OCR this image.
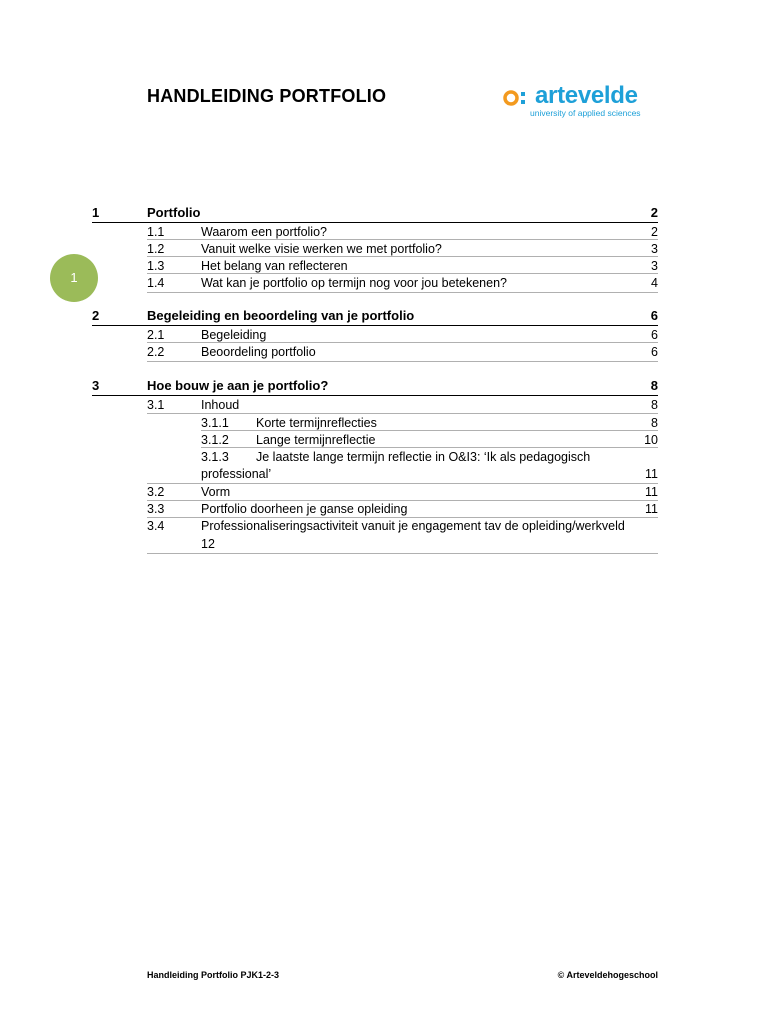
HANDLEIDING PORTFOLIO	artevelde
university of applied sciences
1
1	Portfolio	2
1.1	Waarom een portfolio?	2
1.2	Vanuit welke visie werken we met portfolio?	3
1.3	Het belang van reflecteren	3
1.4	Wat kan je portfolio op termijn nog voor jou betekenen?	4
2	Begeleiding en beoordeling van je portfolio	6
2.1	Begeleiding	6
2.2	Beoordeling portfolio	6
3	Hoe bouw je aan je portfolio?	8
3.1	Inhoud	8
3.1.1 Korte termijnreflecties	8
3.1.2 Lange termijnreflectie	10
3.1.3 Je laatste lange termijn reflectie in O&I3: ‘Ik als pedagogisch
professional’	11
3.2	Vorm	11
3.3	Portfolio doorheen je ganse opleiding	11
3.4	Professionaliseringsactiviteit vanuit je engagement tav de opleiding/werkveld
12
Handleiding Portfolio PJK1-2-3	© Arteveldehogeschool
